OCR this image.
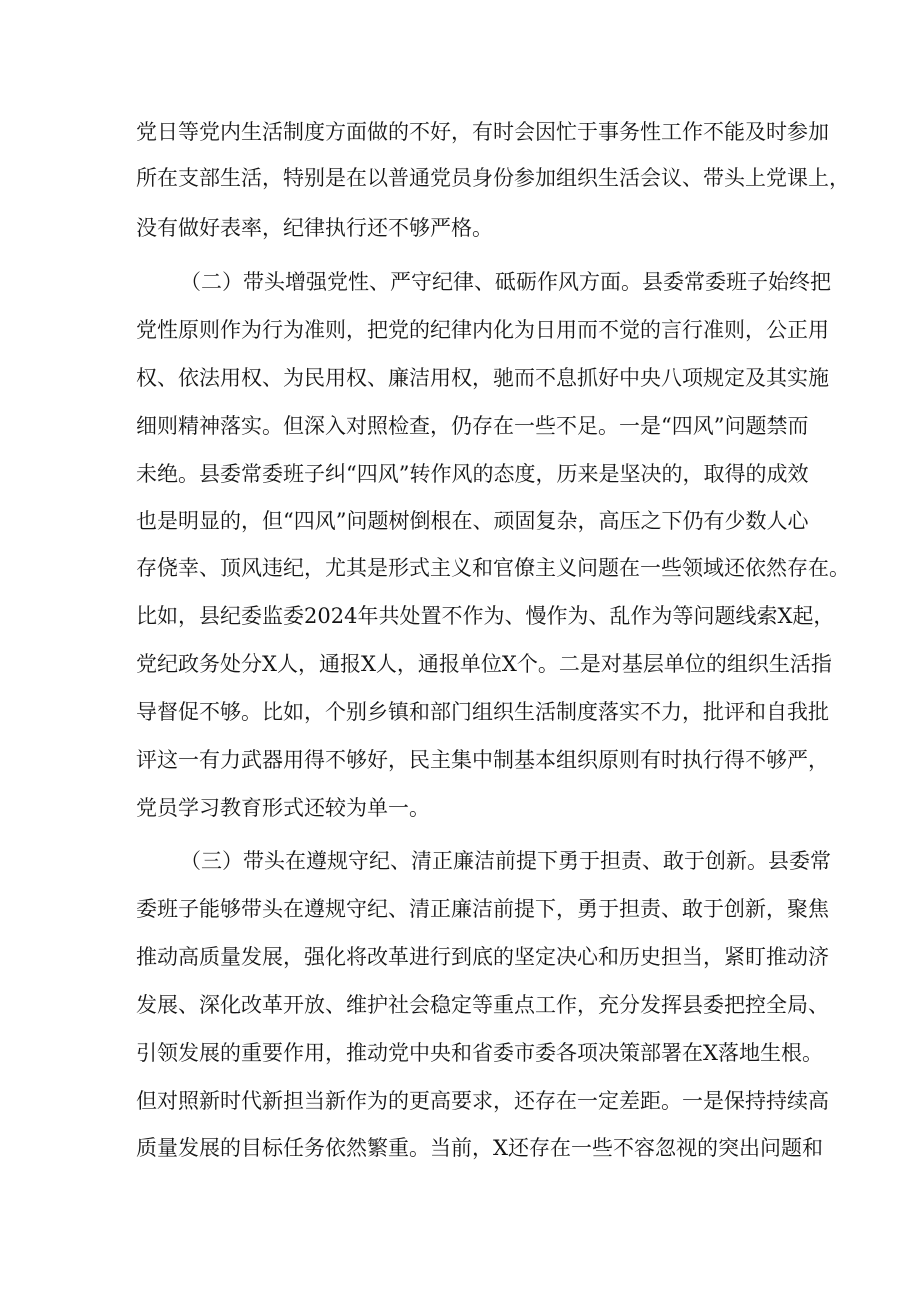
党日等党内生活制度方面做的不好，有时会因忙于事务性工作不能及时参加
所在支部生活，特别是在以普通党员身份参加组织生活会议、带头上党课上，
没有做好表率，纪律执行还不够严格。
（二）带头增强党性、严守纪律、砥砺作风方面。县委常委班子始终把
党性原则作为行为准则，把党的纪律内化为日用而不觉的言行准则，公正用
权、依法用权、为民用权、廉洁用权，驰而不息抓好中央八项规定及其实施
细则精神落实。但深入对照检查，仍存在一些不足。一是“四风”问题禁而
未绝。县委常委班子纠“四风”转作风的态度，历来是坚决的，取得的成效
也是明显的，但“四风”问题树倒根在、顽固复杂，高压之下仍有少数人心
存侥幸、顶风违纪，尤其是形式主义和官僚主义问题在一些领域还依然存在。
比如，县纪委监委2024年共处置不作为、慢作为、乱作为等问题线索X起，
党纪政务处分X人，通报X人，通报单位X个。二是对基层单位的组织生活指
导督促不够。比如，个别乡镇和部门组织生活制度落实不力，批评和自我批
评这一有力武器用得不够好，民主集中制基本组织原则有时执行得不够严，
党员学习教育形式还较为单一。
（三）带头在遵规守纪、清正廉洁前提下勇于担责、敢于创新。县委常
委班子能够带头在遵规守纪、清正廉洁前提下，勇于担责、敢于创新，聚焦
推动高质量发展，强化将改革进行到底的坚定决心和历史担当，紧盯推动济
发展、深化改革开放、维护社会稳定等重点工作，充分发挥县委把控全局、
引领发展的重要作用，推动党中央和省委市委各项决策部署在X落地生根。
但对照新时代新担当新作为的更高要求，还存在一定差距。一是保持持续高
质量发展的目标任务依然繁重。当前，X还存在一些不容忽视的突出问题和
